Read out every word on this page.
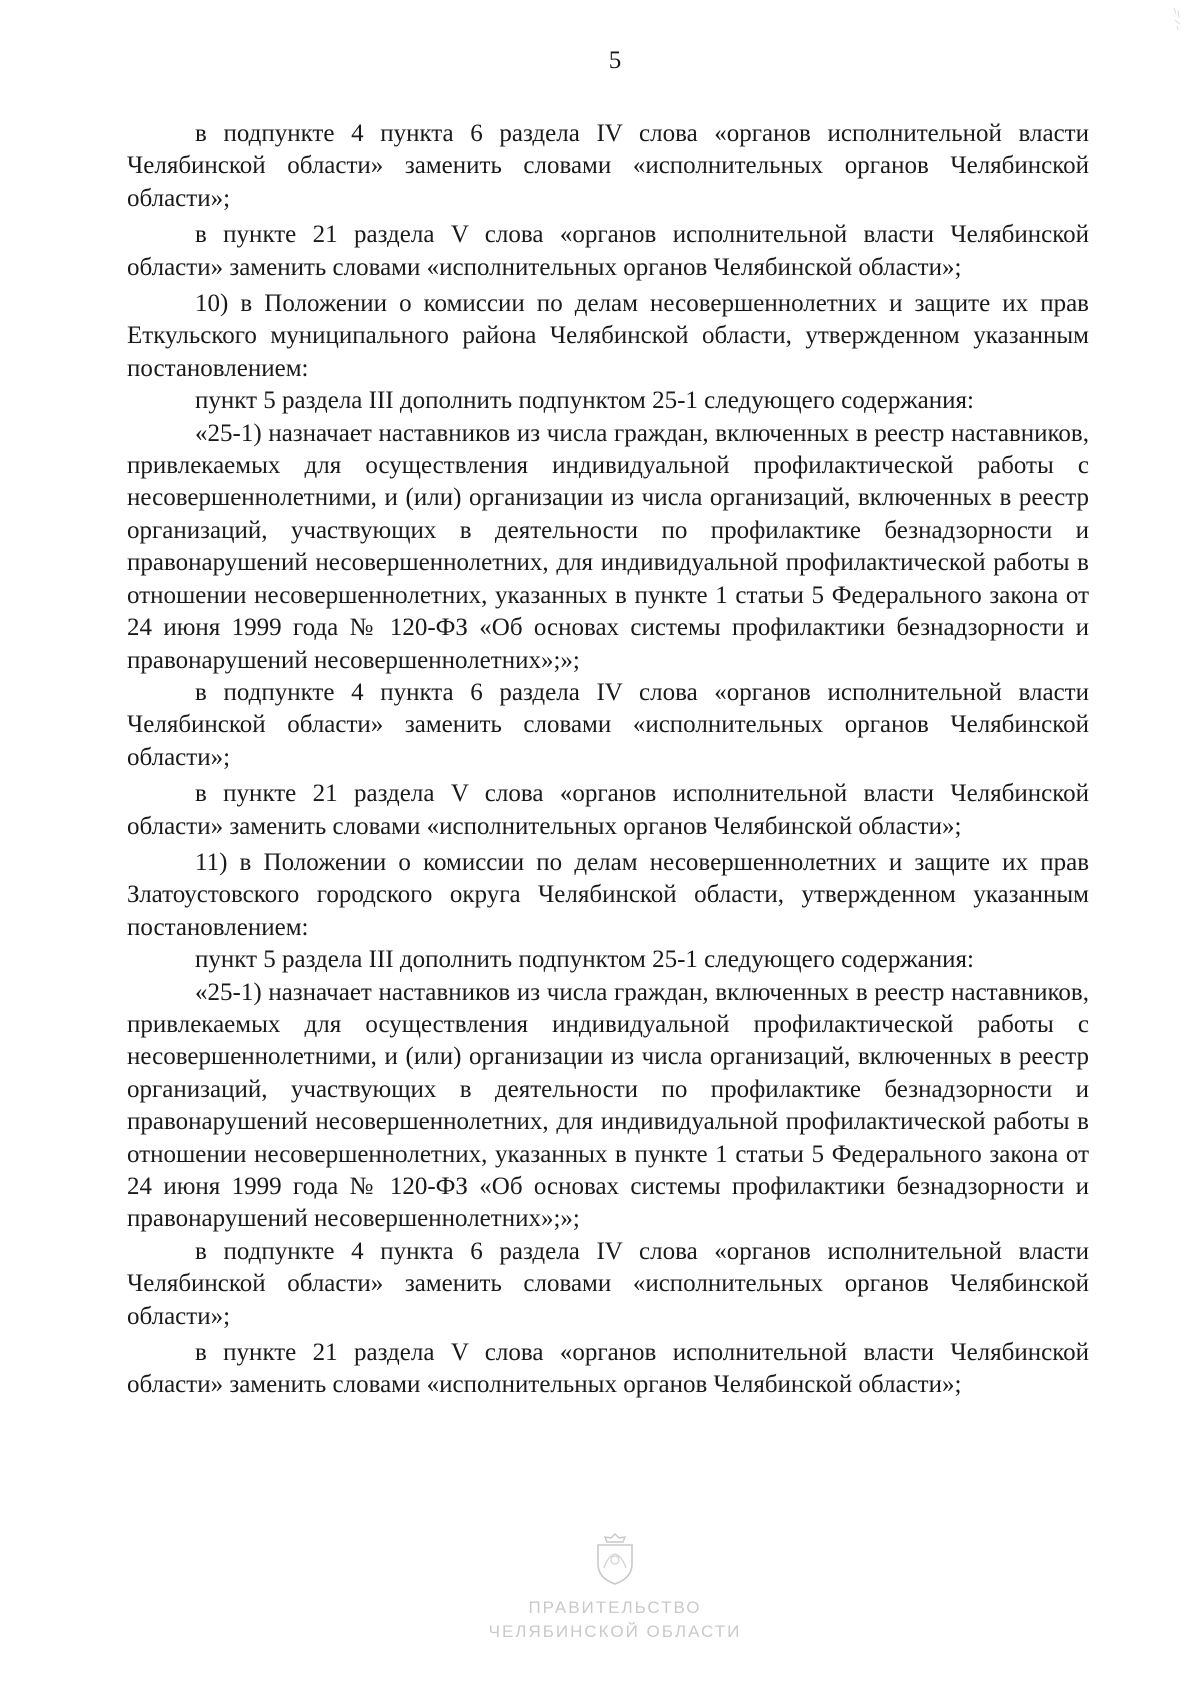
5

в подпункте 4 пункта 6 раздела IV слова «органов исполнительной власти Челябинской области» заменить словами «исполнительных органов Челябинской области»;

в пункте 21 раздела V слова «органов исполнительной власти Челябинской области» заменить словами «исполнительных органов Челябинской области»;

10) в Положении о комиссии по делам несовершеннолетних и защите их прав Еткульского муниципального района Челябинской области, утвержденном указанным постановлением:

пункт 5 раздела III дополнить подпунктом 25-1 следующего содержания:

«25-1) назначает наставников из числа граждан, включенных в реестр наставников, привлекаемых для осуществления индивидуальной профилактической работы с несовершеннолетними, и (или) организации из числа организаций, включенных в реестр организаций, участвующих в деятельности по профилактике безнадзорности и правонарушений несовершеннолетних, для индивидуальной профилактической работы в отношении несовершеннолетних, указанных в пункте 1 статьи 5 Федерального закона от 24 июня 1999 года № 120-ФЗ «Об основах системы профилактики безнадзорности и правонарушений несовершеннолетних»;»;

в подпункте 4 пункта 6 раздела IV слова «органов исполнительной власти Челябинской области» заменить словами «исполнительных органов Челябинской области»;

в пункте 21 раздела V слова «органов исполнительной власти Челябинской области» заменить словами «исполнительных органов Челябинской области»;

11) в Положении о комиссии по делам несовершеннолетних и защите их прав Златоустовского городского округа Челябинской области, утвержденном указанным постановлением:

пункт 5 раздела III дополнить подпунктом 25-1 следующего содержания:

«25-1) назначает наставников из числа граждан, включенных в реестр наставников, привлекаемых для осуществления индивидуальной профилактической работы с несовершеннолетними, и (или) организации из числа организаций, включенных в реестр организаций, участвующих в деятельности по профилактике безнадзорности и правонарушений несовершеннолетних, для индивидуальной профилактической работы в отношении несовершеннолетних, указанных в пункте 1 статьи 5 Федерального закона от 24 июня 1999 года № 120-ФЗ «Об основах системы профилактики безнадзорности и правонарушений несовершеннолетних»;»;

в подпункте 4 пункта 6 раздела IV слова «органов исполнительной власти Челябинской области» заменить словами «исполнительных органов Челябинской области»;

в пункте 21 раздела V слова «органов исполнительной власти Челябинской области» заменить словами «исполнительных органов Челябинской области»;

ПРАВИТЕЛЬСТВО
ЧЕЛЯБИНСКОЙ ОБЛАСТИ
